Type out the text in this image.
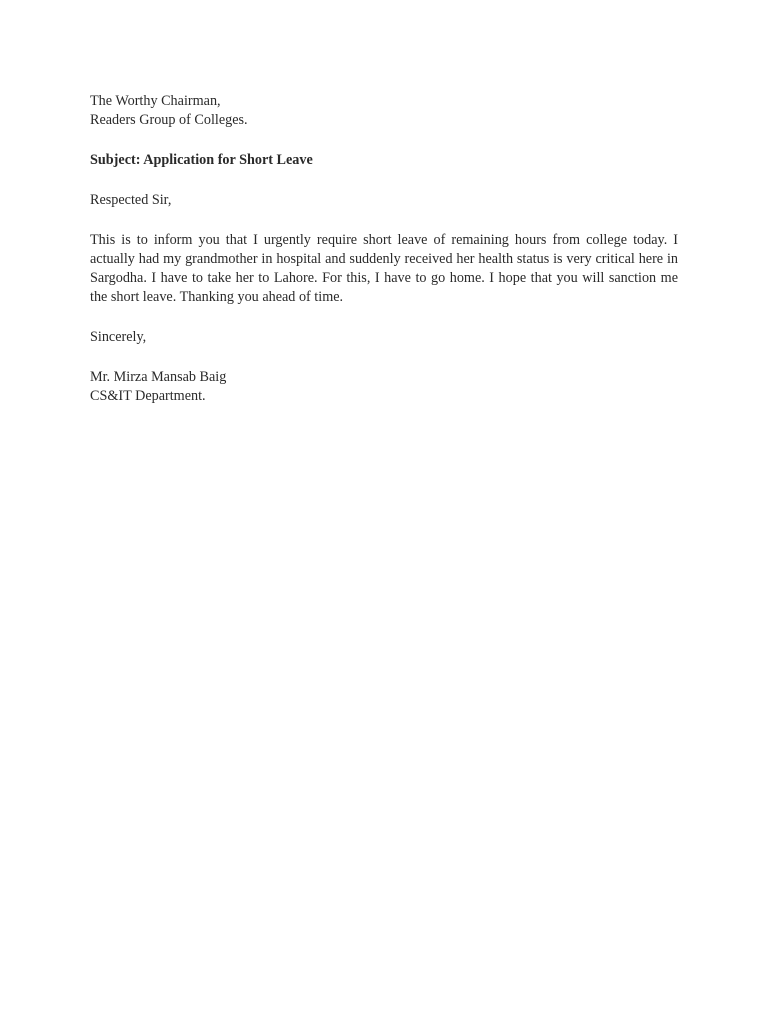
The Worthy Chairman,
Readers Group of Colleges.

Subject: Application for Short Leave

Respected Sir,

This is to inform you that I urgently require short leave of remaining hours from college today. I actually had my grandmother in hospital and suddenly received her health status is very critical here in Sargodha. I have to take her to Lahore. For this, I have to go home. I hope that you will sanction me the short leave. Thanking you ahead of time.

Sincerely,

Mr. Mirza Mansab Baig
CS&IT Department.
